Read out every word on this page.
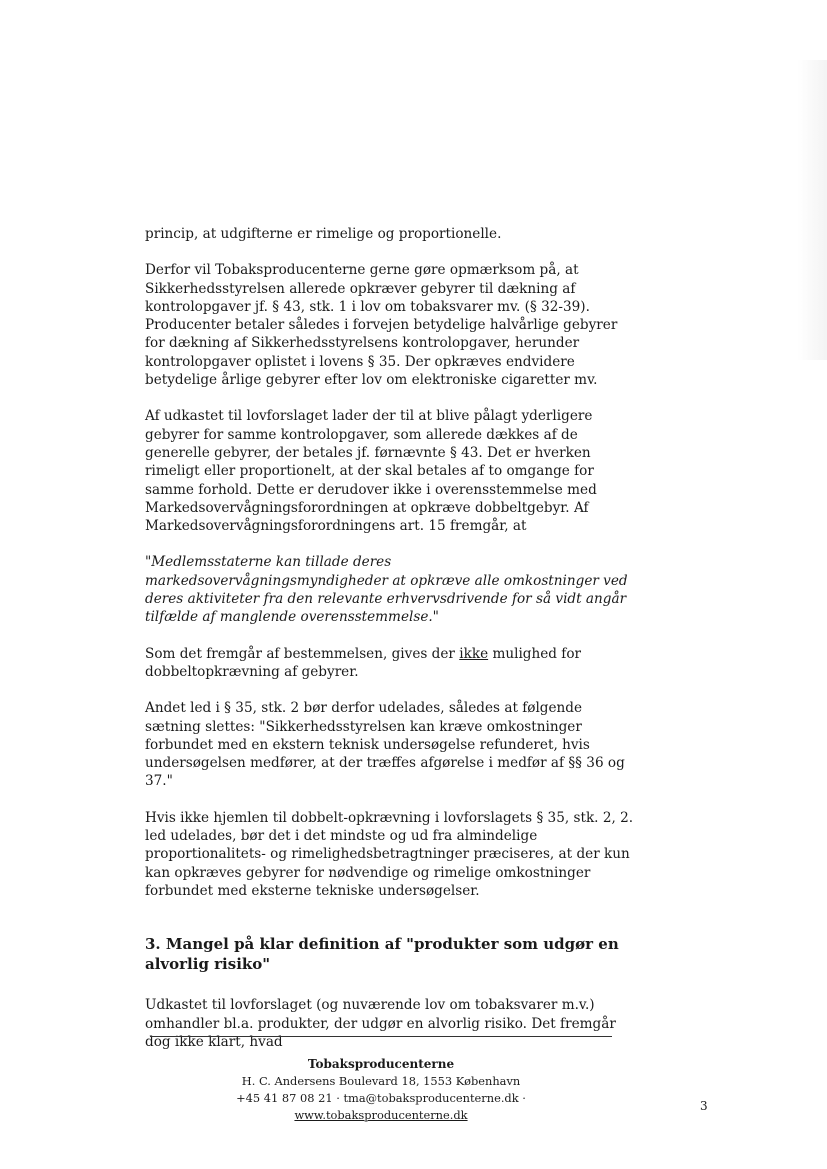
princip, at udgifterne er rimelige og proportionelle.

Derfor vil Tobaksproducenterne gerne gøre opmærksom på, at Sikkerhedsstyrelsen allerede opkræver gebyrer til dækning af kontrolopgaver jf. § 43, stk. 1 i lov om tobaksvarer mv. (§ 32-39). Producenter betaler således i forvejen betydelige halvårlige gebyrer for dækning af Sikkerhedsstyrelsens kontrolopgaver, herunder kontrolopgaver oplistet i lovens § 35. Der opkræves endvidere betydelige årlige gebyrer efter lov om elektroniske cigaretter mv.

Af udkastet til lovforslaget lader der til at blive pålagt yderligere gebyrer for samme kontrolopgaver, som allerede dækkes af de generelle gebyrer, der betales jf. førnævnte § 43. Det er hverken rimeligt eller proportionelt, at der skal betales af to omgange for samme forhold. Dette er derudover ikke i overensstemmelse med Markedsovervågningsforordningen at opkræve dobbeltgebyr. Af Markedsovervågningsforordningens art. 15 fremgår, at

"Medlemsstaterne kan tillade deres markedsovervågningsmyndigheder at opkræve alle omkostninger ved deres aktiviteter fra den relevante erhvervsdrivende for så vidt angår tilfælde af manglende overensstemmelse."

Som det fremgår af bestemmelsen, gives der ikke mulighed for dobbeltopkrævning af gebyrer.

Andet led i § 35, stk. 2 bør derfor udelades, således at følgende sætning slettes: "Sikkerhedsstyrelsen kan kræve omkostninger forbundet med en ekstern teknisk undersøgelse refunderet, hvis undersøgelsen medfører, at der træffes afgørelse i medfør af §§ 36 og 37."

Hvis ikke hjemlen til dobbelt-opkrævning i lovforslagets § 35, stk. 2, 2. led udelades, bør det i det mindste og ud fra almindelige proportionalitets- og rimelighedsbetragtninger præciseres, at der kun kan opkræves gebyrer for nødvendige og rimelige omkostninger forbundet med eksterne tekniske undersøgelser.

3. Mangel på klar definition af "produkter som udgør en alvorlig risiko"

Udkastet til lovforslaget (og nuværende lov om tobaksvarer m.v.) omhandler bl.a. produkter, der udgør en alvorlig risiko. Det fremgår dog ikke klart, hvad

Tobaksproducenterne
H. C. Andersens Boulevard 18, 1553 København
+45 41 87 08 21 · tma@tobaksproducenterne.dk · www.tobaksproducenterne.dk
3
